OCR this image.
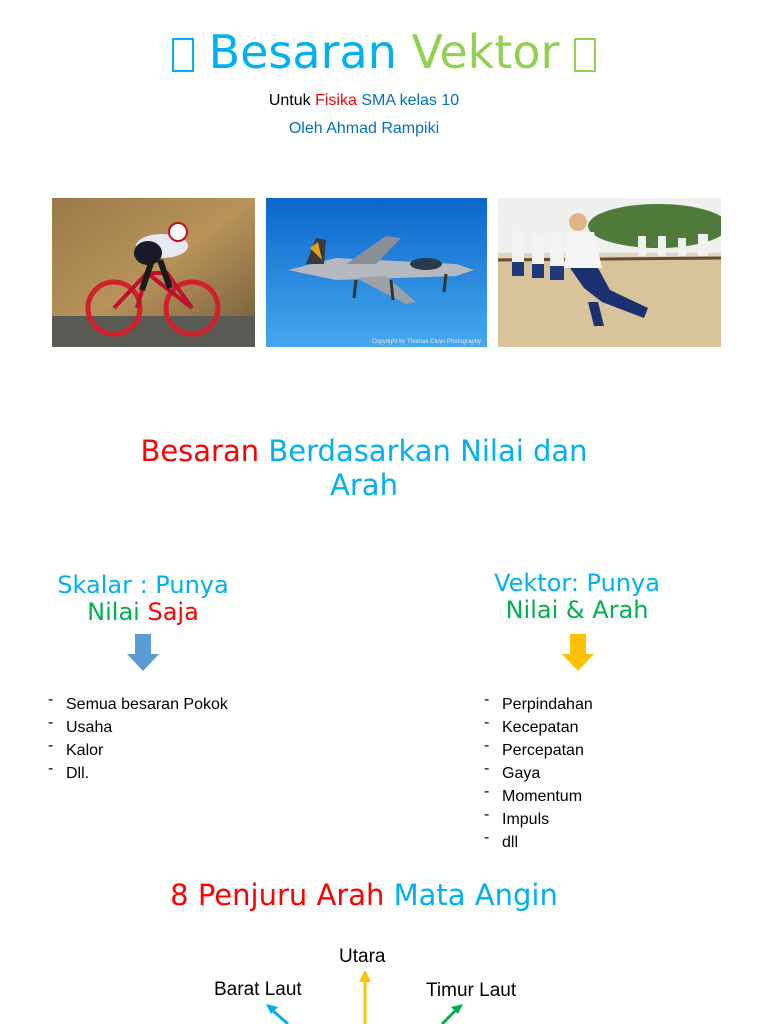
Besaran Vektor
Untuk Fisika SMA kelas 10
Oleh Ahmad Rampiki
Copyright by Thomas Cluys Photography
Besaran Berdasarkan Nilai dan
Arah
Skalar : Punya
Nilai Saja
- Semua besaran Pokok
- Usaha
- Kalor
- Dll.
Vektor: Punya
Nilai & Arah
- Perpindahan
- Kecepatan
- Percepatan
- Gaya
- Momentum
- Impuls
- dll
8 Penjuru Arah Mata Angin
Utara
Barat Laut	Timur Laut
